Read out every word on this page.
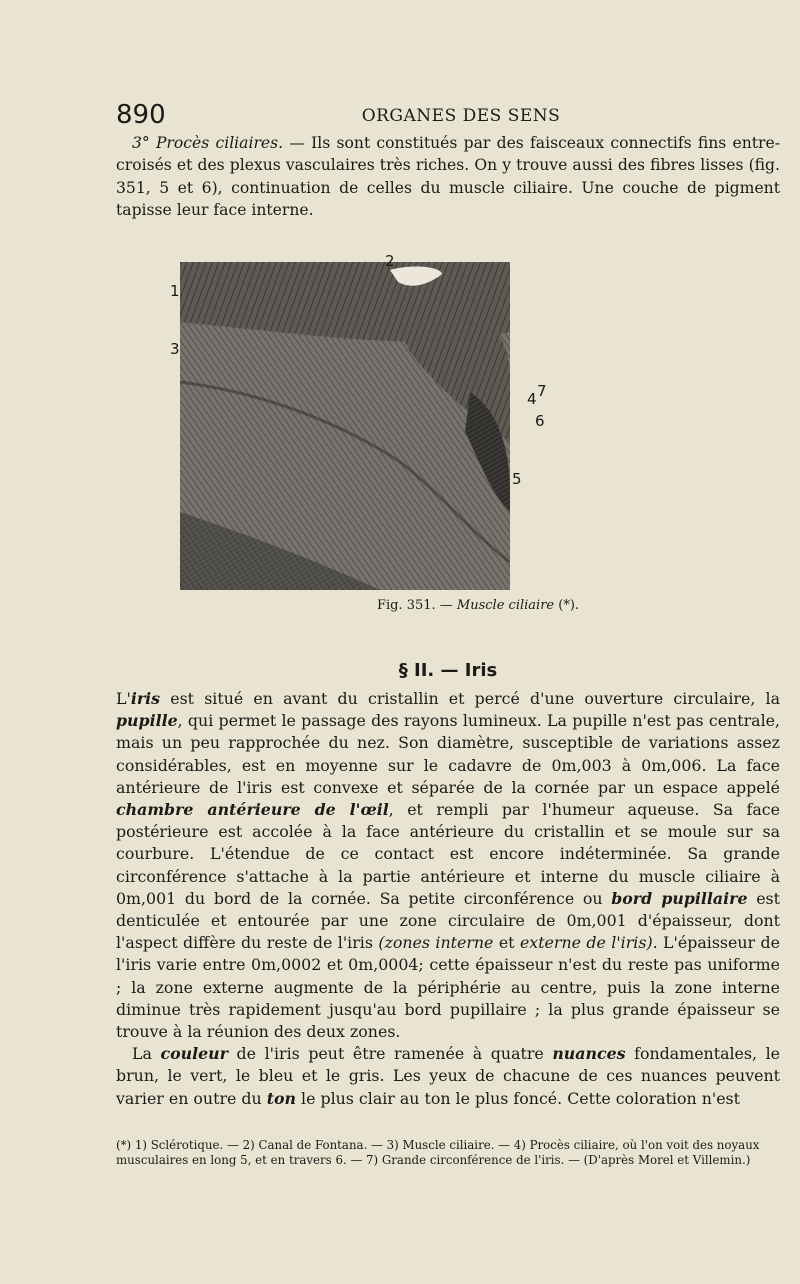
890	ORGANES DES SENS
3° Procès ciliaires. — Ils sont constitués par des faisceaux connectifs fins entre-croisés et des plexus vasculaires très riches. On y trouve aussi des fibres lisses (fig. 351, 5 et 6), continuation de celles du muscle ciliaire. Une couche de pigment tapisse leur face interne.
1
2
3
4
5
6
7
Fig. 351. — Muscle ciliaire (*).
§ II. — Iris
L'iris est situé en avant du cristallin et percé d'une ouverture circulaire, la pupille, qui permet le passage des rayons lumineux. La pupille n'est pas centrale, mais un peu rapprochée du nez. Son diamètre, susceptible de variations assez considérables, est en moyenne sur le cadavre de 0m,003 à 0m,006. La face antérieure de l'iris est convexe et séparée de la cornée par un espace appelé chambre antérieure de l'œil, et rempli par l'humeur aqueuse. Sa face postérieure est accolée à la face antérieure du cristallin et se moule sur sa courbure. L'étendue de ce contact est encore indéterminée. Sa grande circonférence s'attache à la partie antérieure et interne du muscle ciliaire à 0m,001 du bord de la cornée. Sa petite circonférence ou bord pupillaire est denticulée et entourée par une zone circulaire de 0m,001 d'épaisseur, dont l'aspect diffère du reste de l'iris (zones interne et externe de l'iris). L'épaisseur de l'iris varie entre 0m,0002 et 0m,0004; cette épaisseur n'est du reste pas uniforme ; la zone externe augmente de la périphérie au centre, puis la zone interne diminue très rapidement jusqu'au bord pupillaire ; la plus grande épaisseur se trouve à la réunion des deux zones.
La couleur de l'iris peut être ramenée à quatre nuances fondamentales, le brun, le vert, le bleu et le gris. Les yeux de chacune de ces nuances peuvent varier en outre du ton le plus clair au ton le plus foncé. Cette coloration n'est
(*) 1) Sclérotique. — 2) Canal de Fontana. — 3) Muscle ciliaire. — 4) Procès ciliaire, où l'on voit des noyaux musculaires en long 5, et en travers 6. — 7) Grande circonférence de l'iris. — (D'après Morel et Villemin.)
